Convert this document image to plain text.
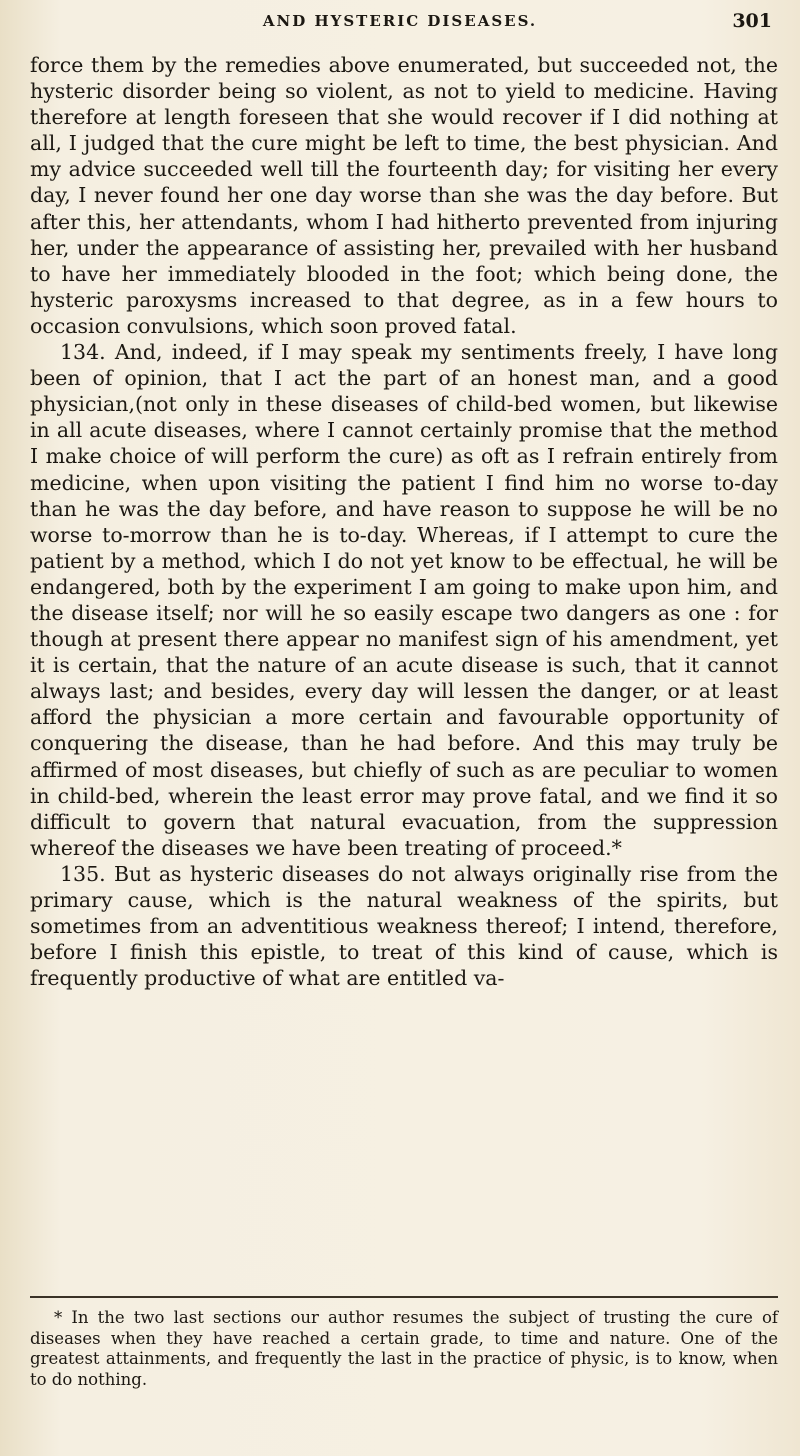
AND HYSTERIC DISEASES.	301

force them by the remedies above enumerated, but succeeded not, the hysteric disorder being so violent, as not to yield to medicine. Having therefore at length foreseen that she would recover if I did nothing at all, I judged that the cure might be left to time, the best physician. And my advice succeeded well till the fourteenth day; for visiting her every day, I never found her one day worse than she was the day before. But after this, her attendants, whom I had hitherto prevented from injuring her, under the appearance of assisting her, prevailed with her husband to have her immediately blooded in the foot; which being done, the hysteric paroxysms increased to that degree, as in a few hours to occasion convulsions, which soon proved fatal.

134. And, indeed, if I may speak my sentiments freely, I have long been of opinion, that I act the part of an honest man, and a good physician,(not only in these diseases of child-bed women, but likewise in all acute diseases, where I cannot certainly promise that the method I make choice of will perform the cure) as oft as I refrain entirely from medicine, when upon visiting the patient I find him no worse to-day than he was the day before, and have reason to suppose he will be no worse to-morrow than he is to-day. Whereas, if I attempt to cure the patient by a method, which I do not yet know to be effectual, he will be endangered, both by the experiment I am going to make upon him, and the disease itself; nor will he so easily escape two dangers as one : for though at present there appear no manifest sign of his amendment, yet it is certain, that the nature of an acute disease is such, that it cannot always last; and besides, every day will lessen the danger, or at least afford the physician a more certain and favourable opportunity of conquering the disease, than he had before. And this may truly be affirmed of most diseases, but chiefly of such as are peculiar to women in child-bed, wherein the least error may prove fatal, and we find it so difficult to govern that natural evacuation, from the suppression whereof the diseases we have been treating of proceed.*

135. But as hysteric diseases do not always originally rise from the primary cause, which is the natural weakness of the spirits, but sometimes from an adventitious weakness thereof; I intend, therefore, before I finish this epistle, to treat of this kind of cause, which is frequently productive of what are entitled va-

* In the two last sections our author resumes the subject of trusting the cure of diseases when they have reached a certain grade, to time and nature. One of the greatest attainments, and frequently the last in the practice of physic, is to know, when to do nothing.
